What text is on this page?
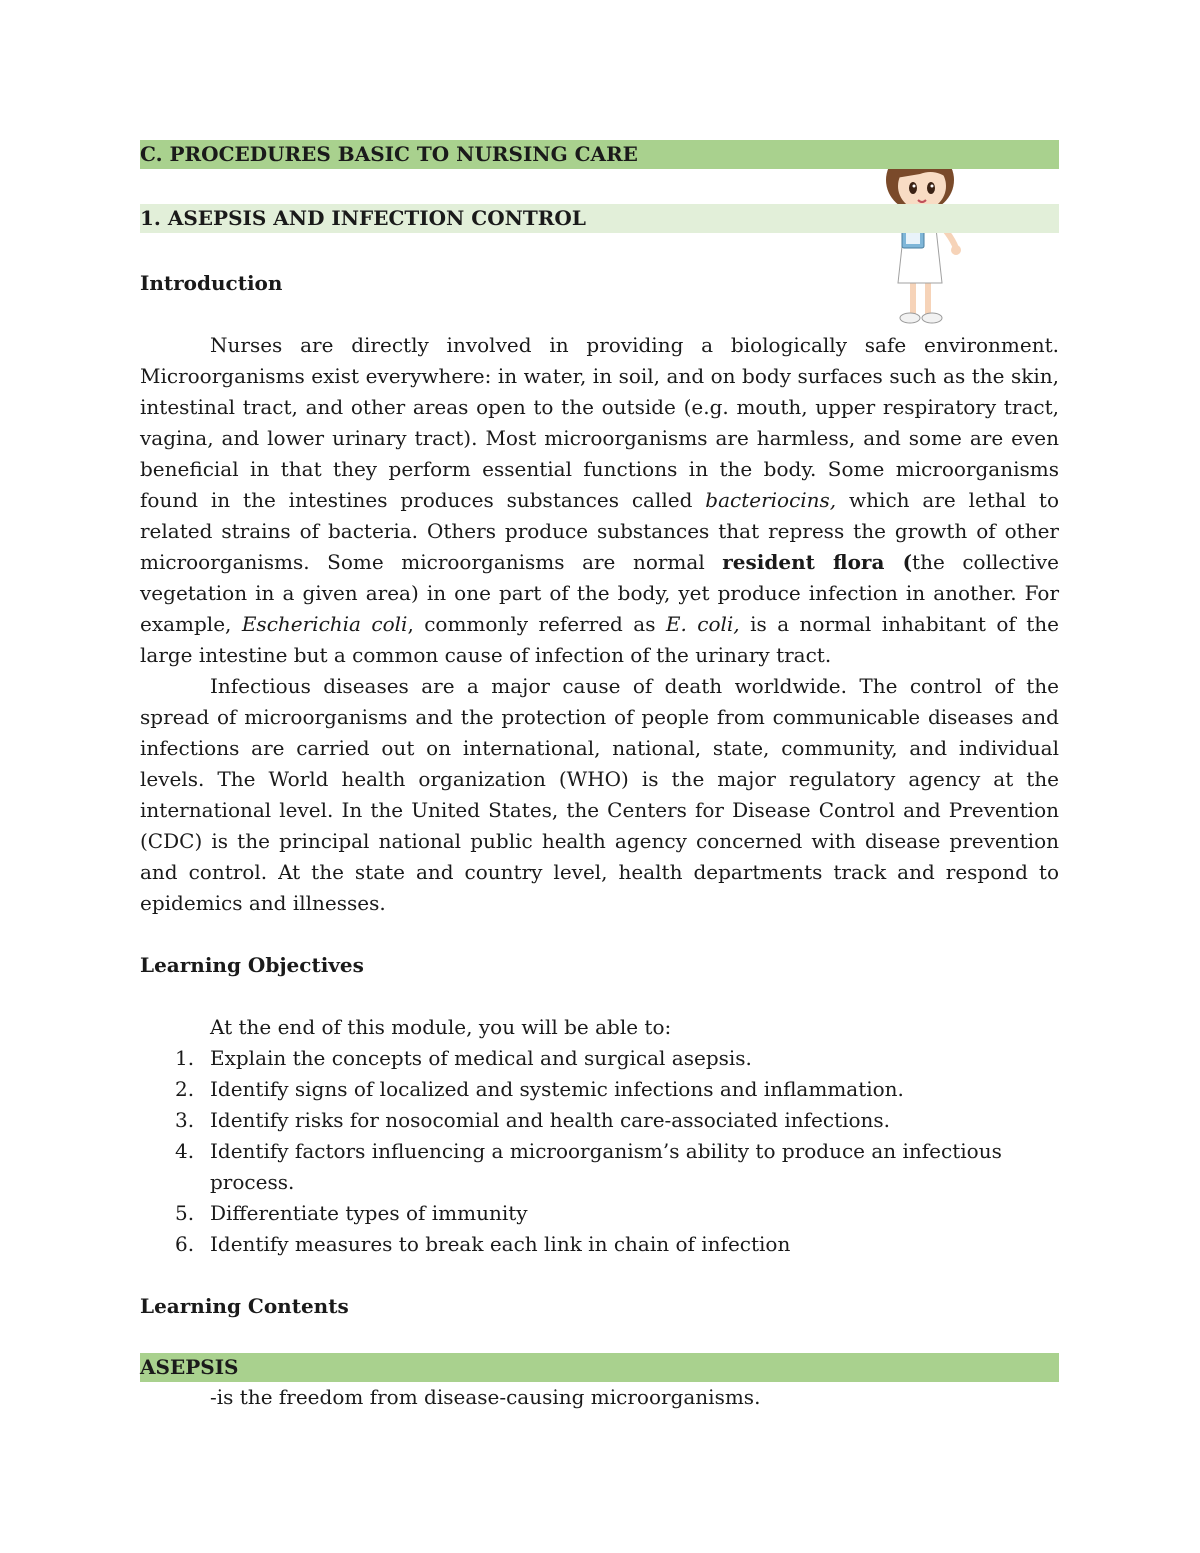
C. PROCEDURES BASIC TO NURSING CARE
1. ASEPSIS AND INFECTION CONTROL

Introduction

Nurses are directly involved in providing a biologically safe environment. Microorganisms exist everywhere: in water, in soil, and on body surfaces such as the skin, intestinal tract, and other areas open to the outside (e.g. mouth, upper respiratory tract, vagina, and lower urinary tract). Most microorganisms are harmless, and some are even beneficial in that they perform essential functions in the body. Some microorganisms found in the intestines produces substances called bacteriocins, which are lethal to related strains of bacteria. Others produce substances that repress the growth of other microorganisms. Some microorganisms are normal resident flora (the collective vegetation in a given area) in one part of the body, yet produce infection in another. For example, Escherichia coli, commonly referred as E. coli, is a normal inhabitant of the large intestine but a common cause of infection of the urinary tract.

Infectious diseases are a major cause of death worldwide. The control of the spread of microorganisms and the protection of people from communicable diseases and infections are carried out on international, national, state, community, and individual levels. The World health organization (WHO) is the major regulatory agency at the international level. In the United States, the Centers for Disease Control and Prevention (CDC) is the principal national public health agency concerned with disease prevention and control. At the state and country level, health departments track and respond to epidemics and illnesses.

Learning Objectives

At the end of this module, you will be able to:
1. Explain the concepts of medical and surgical asepsis.
2. Identify signs of localized and systemic infections and inflammation.
3. Identify risks for nosocomial and health care-associated infections.
4. Identify factors influencing a microorganism’s ability to produce an infectious process.
5. Differentiate types of immunity
6. Identify measures to break each link in chain of infection

Learning Contents

ASEPSIS
-is the freedom from disease-causing microorganisms.
